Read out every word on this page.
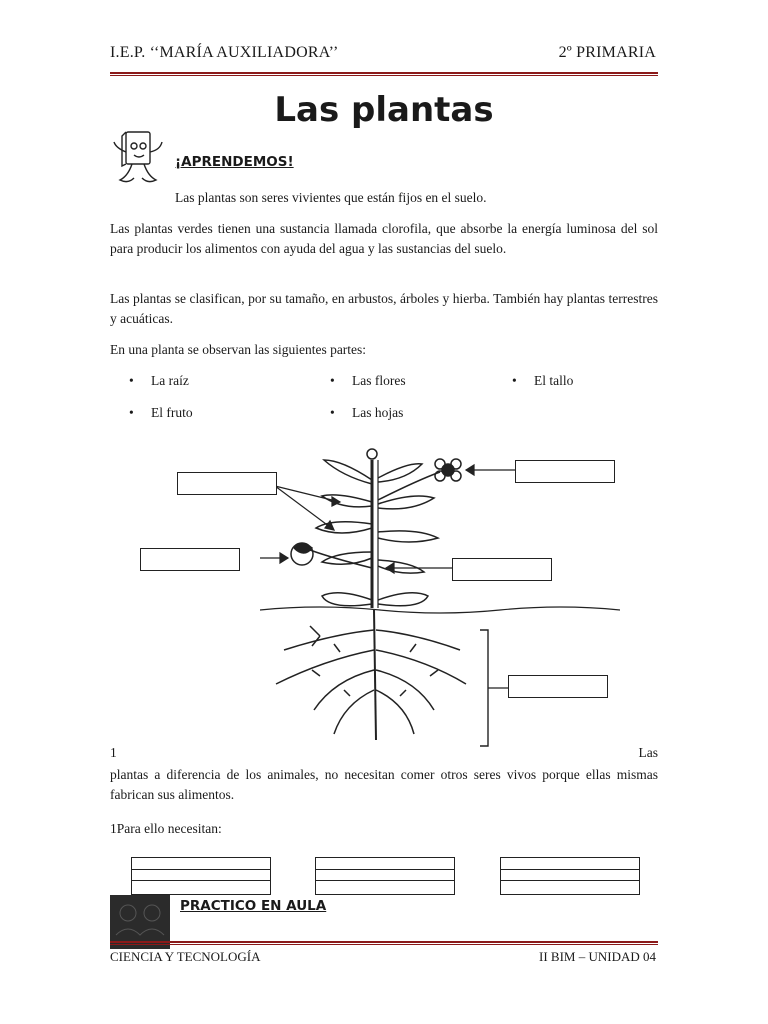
I.E.P. ‘‘MARÍA AUXILIADORA’’	2º PRIMARIA
Las plantas
¡APRENDEMOS!
Las plantas son seres vivientes que están fijos en el suelo.
Las plantas verdes tienen una sustancia llamada clorofila, que absorbe la energía luminosa del sol para producir los alimentos con ayuda del agua y las sustancias del suelo.
Las plantas se clasifican, por su tamaño, en arbustos, árboles y hierba. También hay plantas terrestres y acuáticas.
En una planta se observan las siguientes partes:
• La raíz	• Las flores	• El tallo
• El fruto	• Las hojas
1	Las
plantas a diferencia de los animales, no necesitan comer otros seres vivos porque ellas mismas fabrican sus alimentos.
1Para ello necesitan:
PRACTICO EN AULA
CIENCIA Y TECNOLOGÍA	II BIM – UNIDAD 04
